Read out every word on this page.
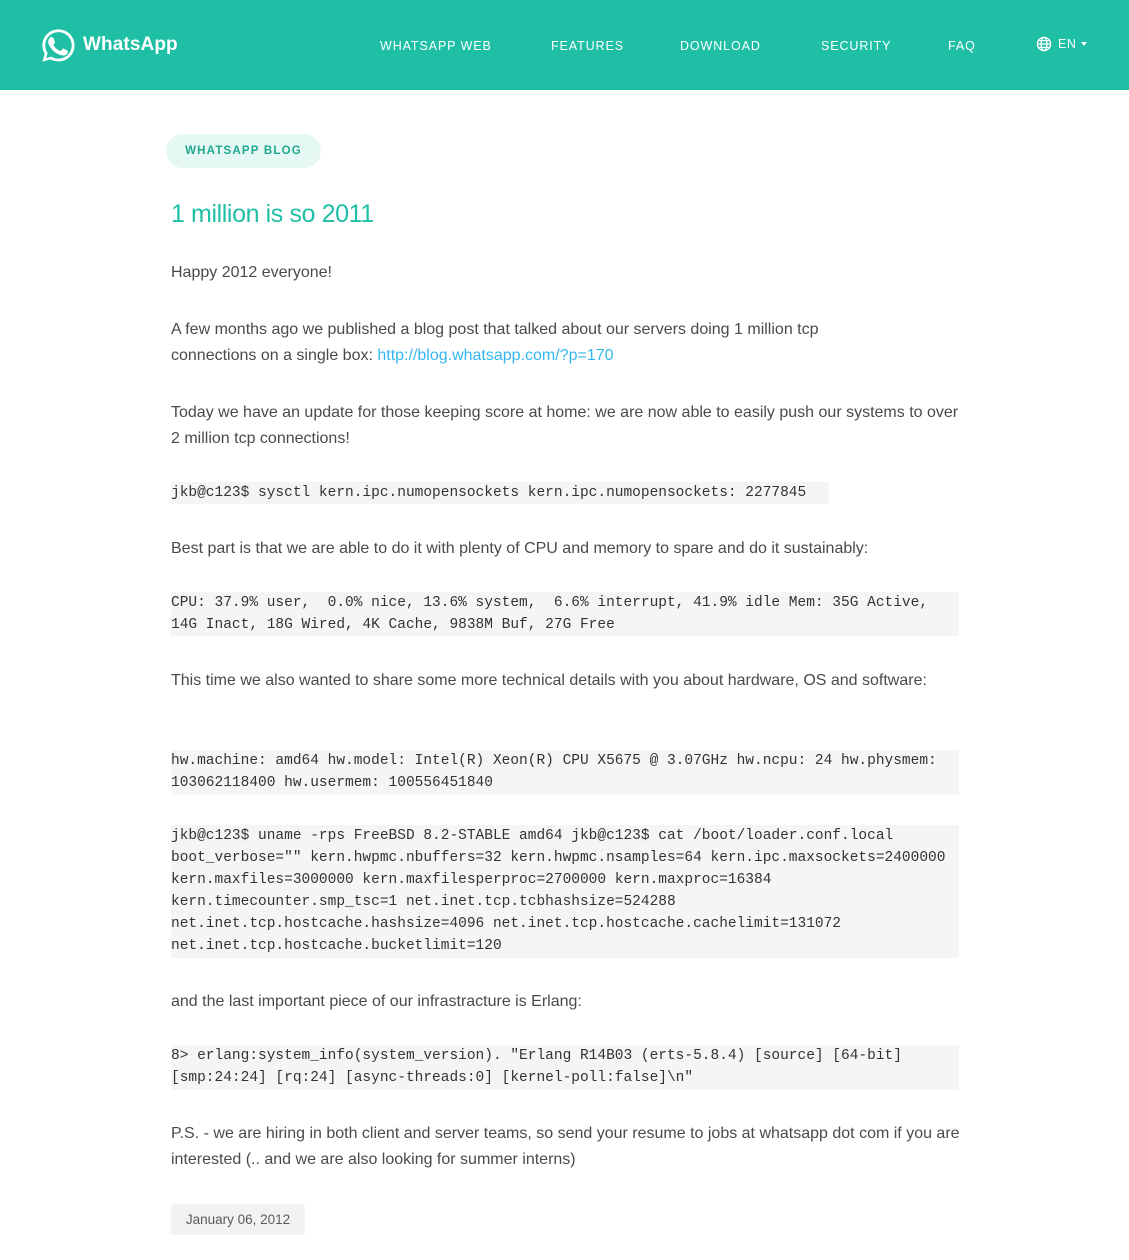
WhatsApp	WHATSAPP WEB	FEATURES	DOWNLOAD	SECURITY	FAQ	EN
WHATSAPP BLOG
1 million is so 2011

Happy 2012 everyone!

A few months ago we published a blog post that talked about our servers doing 1 million tcp connections on a single box: http://blog.whatsapp.com/?p=170

Today we have an update for those keeping score at home: we are now able to easily push our systems to over 2 million tcp connections!

jkb@c123$ sysctl kern.ipc.numopensockets kern.ipc.numopensockets: 2277845

Best part is that we are able to do it with plenty of CPU and memory to spare and do it sustainably:

CPU: 37.9% user,  0.0% nice, 13.6% system,  6.6% interrupt, 41.9% idle Mem: 35G Active, 14G Inact, 18G Wired, 4K Cache, 9838M Buf, 27G Free

This time we also wanted to share some more technical details with you about hardware, OS and software:

hw.machine: amd64 hw.model: Intel(R) Xeon(R) CPU X5675 @ 3.07GHz hw.ncpu: 24 hw.physmem: 103062118400 hw.usermem: 100556451840
jkb@c123$ uname -rps FreeBSD 8.2-STABLE amd64 jkb@c123$ cat /boot/loader.conf.local boot_verbose="" kern.hwpmc.nbuffers=32 kern.hwpmc.nsamples=64 kern.ipc.maxsockets=2400000 kern.maxfiles=3000000 kern.maxfilesperproc=2700000 kern.maxproc=16384 kern.timecounter.smp_tsc=1 net.inet.tcp.tcbhashsize=524288 net.inet.tcp.hostcache.hashsize=4096 net.inet.tcp.hostcache.cachelimit=131072 net.inet.tcp.hostcache.bucketlimit=120

and the last important piece of our infrastracture is Erlang:

8> erlang:system_info(system_version). "Erlang R14B03 (erts-5.8.4) [source] [64-bit] [smp:24:24] [rq:24] [async-threads:0] [kernel-poll:false]\n"

P.S. - we are hiring in both client and server teams, so send your resume to jobs at whatsapp dot com if you are interested (.. and we are also looking for summer interns)

January 06, 2012
